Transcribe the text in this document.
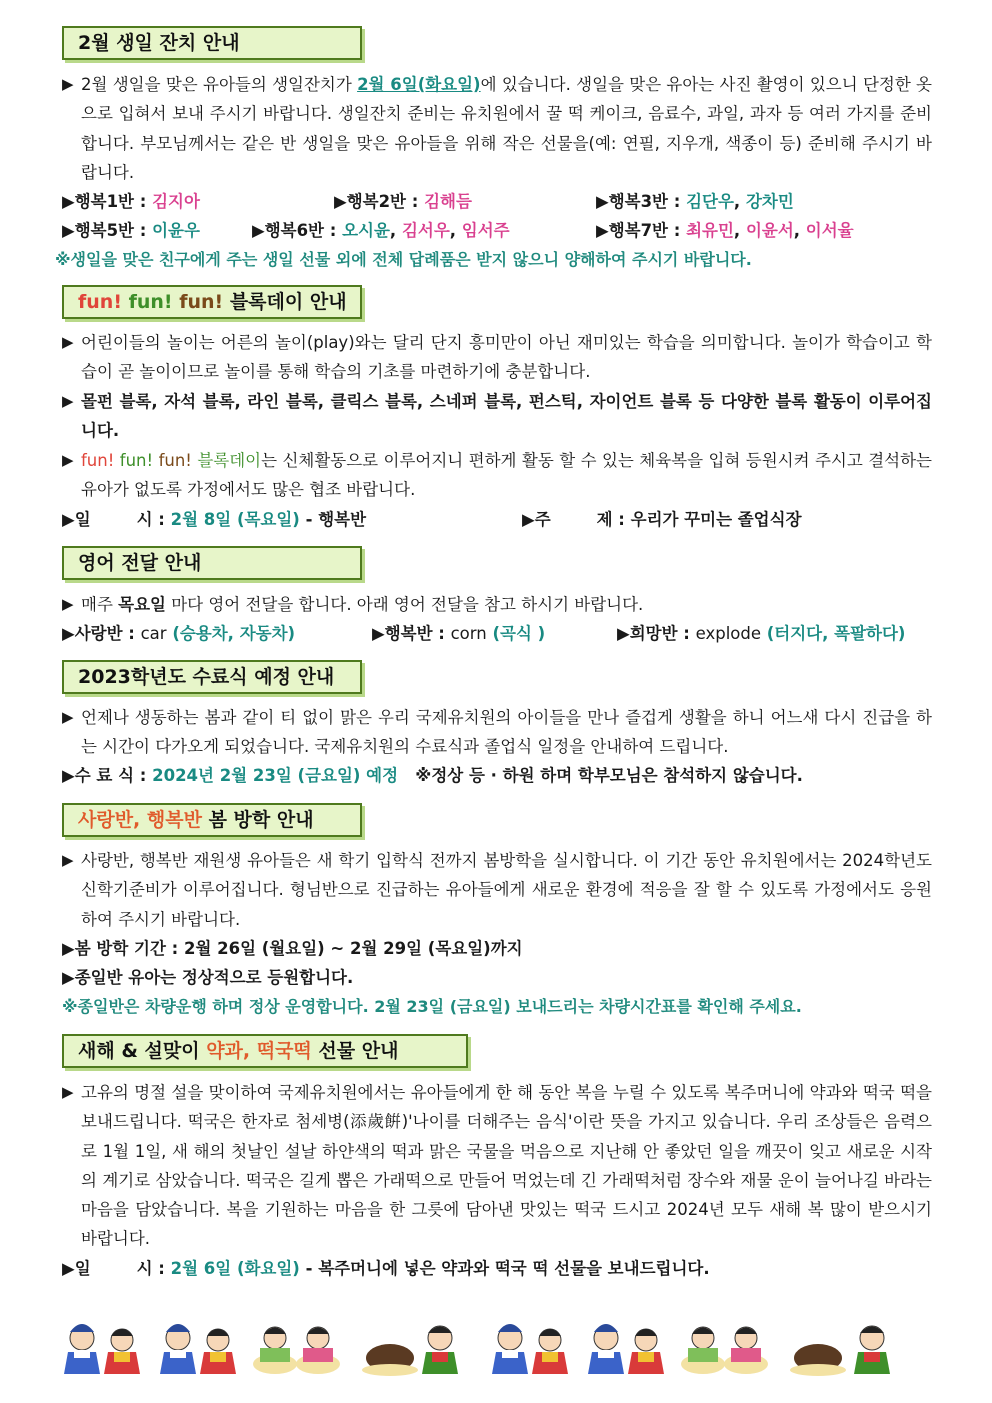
2월 생일 잔치 안내
▶ 2월 생일을 맞은 유아들의 생일잔치가 2월 6일(화요일)에 있습니다. 생일을 맞은 유아는 사진 촬영이 있으니 단정한 옷으로 입혀서 보내 주시기 바랍니다. 생일잔치 준비는 유치원에서 꿀 떡 케이크, 음료수, 과일, 과자 등 여러 가지를 준비합니다. 부모님께서는 같은 반 생일을 맞은 유아들을 위해 작은 선물을(예: 연필, 지우개, 색종이 등) 준비해 주시기 바랍니다.
▶행복1반 : 김지아	▶행복2반 : 김해듬	▶행복3반 : 김단우, 강차민
▶행복5반 : 이윤우	▶행복6반 : 오시윤, 김서우, 임서주	▶행복7반 : 최유민, 이윤서, 이서율
※생일을 맞은 친구에게 주는 생일 선물 외에 전체 답례품은 받지 않으니 양해하여 주시기 바랍니다.
fun! fun! fun! 블록데이 안내
▶ 어린이들의 놀이는 어른의 놀이(play)와는 달리 단지 흥미만이 아닌 재미있는 학습을 의미합니다. 놀이가 학습이고 학습이 곧 놀이이므로 놀이를 통해 학습의 기초를 마련하기에 충분합니다.
▶ 몰펀 블록, 자석 블록, 라인 블록, 클릭스 블록, 스네퍼 블록, 펀스틱, 자이언트 블록 등 다양한 블록 활동이 이루어집니다.
▶ fun! fun! fun! 블록데이는 신체활동으로 이루어지니 편하게 활동 할 수 있는 체육복을 입혀 등원시켜 주시고 결석하는 유아가 없도록 가정에서도 많은 협조 바랍니다.
▶일        시 : 2월 8일 (목요일) - 행복반	▶주        제 : 우리가 꾸미는 졸업식장
영어 전달 안내
▶ 매주 목요일 마다 영어 전달을 합니다. 아래 영어 전달을 참고 하시기 바랍니다.
▶사랑반 : car (승용차, 자동차)	▶행복반 : corn (곡식 )	▶희망반 : explode (터지다, 폭팔하다)
2023학년도 수료식 예정 안내
▶ 언제나 생동하는 봄과 같이 티 없이 맑은 우리 국제유치원의 아이들을 만나 즐겁게 생활을 하니 어느새 다시 진급을 하는 시간이 다가오게 되었습니다. 국제유치원의 수료식과 졸업식 일정을 안내하여 드립니다.
▶수 료 식 : 2024년 2월 23일 (금요일) 예정 ※정상 등 · 하원 하며 학부모님은 참석하지 않습니다.
사랑반, 행복반 봄 방학 안내
▶ 사랑반, 행복반 재원생 유아들은 새 학기 입학식 전까지 봄방학을 실시합니다. 이 기간 동안 유치원에서는 2024학년도 신학기준비가 이루어집니다. 형님반으로 진급하는 유아들에게 새로운 환경에 적응을 잘 할 수 있도록 가정에서도 응원하여 주시기 바랍니다.
▶봄 방학 기간 : 2월 26일 (월요일) ~ 2월 29일 (목요일)까지
▶종일반 유아는 정상적으로 등원합니다.
※종일반은 차량운행 하며 정상 운영합니다. 2월 23일 (금요일) 보내드리는 차량시간표를 확인해 주세요.
새해 & 설맞이 약과, 떡국떡 선물 안내
▶ 고유의 명절 설을 맞이하여 국제유치원에서는 유아들에게 한 해 동안 복을 누릴 수 있도록 복주머니에 약과와 떡국 떡을 보내드립니다. 떡국은 한자로 첨세병(添歲餠)'나이를 더해주는 음식'이란 뜻을 가지고 있습니다. 우리 조상들은 음력으로 1월 1일, 새 해의 첫날인 설날 하얀색의 떡과 맑은 국물을 먹음으로 지난해 안 좋았던 일을 깨끗이 잊고 새로운 시작의 계기로 삼았습니다. 떡국은 길게 뽑은 가래떡으로 만들어 먹었는데 긴 가래떡처럼 장수와 재물 운이 늘어나길 바라는 마음을 담았습니다. 복을 기원하는 마음을 한 그릇에 담아낸 맛있는 떡국 드시고 2024년 모두 새해 복 많이 받으시기 바랍니다.
▶일        시 : 2월 6일 (화요일) - 복주머니에 넣은 약과와 떡국 떡 선물을 보내드립니다.
